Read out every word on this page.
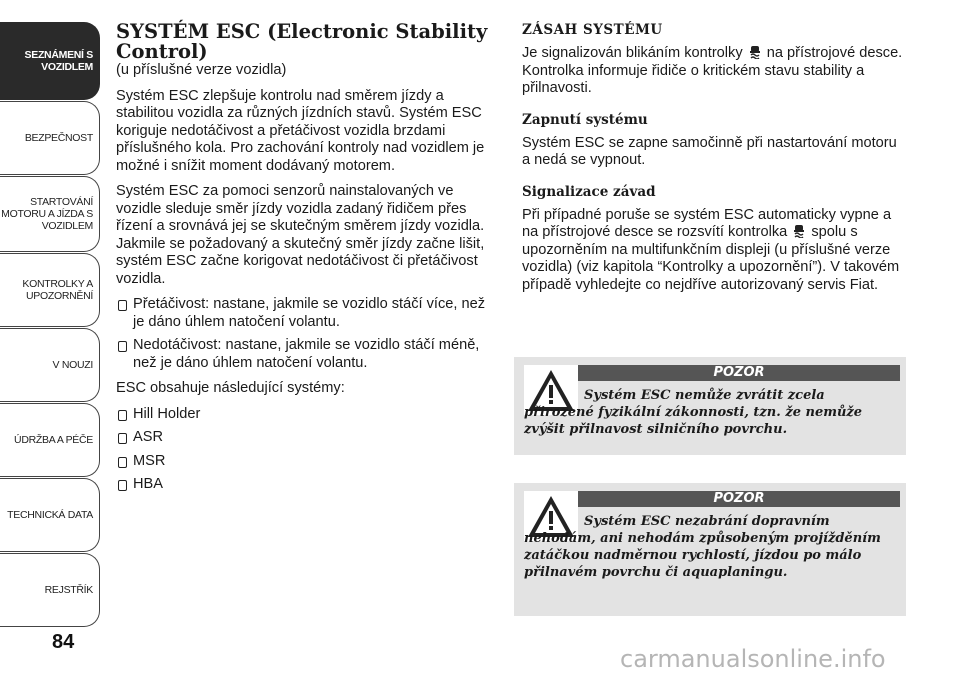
SEZNÁMENÍ S
VOZIDLEM
BEZPEČNOST
STARTOVÁNÍ
MOTORU A JÍZDA S
VOZIDLEM
KONTROLKY A
UPOZORNĚNÍ
V NOUZI
ÚDRŽBA A PÉČE
TECHNICKÁ DATA
REJSTŘÍK
84
SYSTÉM ESC (Electronic Stability
Control)

(u příslušné verze vozidla)

Systém ESC zlepšuje kontrolu nad směrem jízdy a stabilitou vozidla za různých jízdních stavů. Systém ESC koriguje nedotáčivost a přetáčivost vozidla brzdami příslušného kola. Pro zachování kontroly nad vozidlem je možné i snížit moment dodávaný motorem.

Systém ESC za pomoci senzorů nainstalovaných ve vozidle sleduje směr jízdy vozidla zadaný řidičem přes řízení a srovnává jej se skutečným směrem jízdy vozidla. Jakmile se požadovaný a skutečný směr jízdy začne lišit, systém ESC začne korigovat nedotáčivost či přetáčivost vozidla.

Přetáčivost: nastane, jakmile se vozidlo stáčí více, než je dáno úhlem natočení volantu.
Nedotáčivost: nastane, jakmile se vozidlo stáčí méně, než je dáno úhlem natočení volantu.

ESC obsahuje následující systémy:

Hill Holder
ASR
MSR
HBA
ZÁSAH SYSTÉMU

Je signalizován blikáním kontrolky na přístrojové desce. Kontrolka informuje řidiče o kritickém stavu stability a přilnavosti.

Zapnutí systému

Systém ESC se zapne samočinně při nastartování motoru a nedá se vypnout.

Signalizace závad

Při případné poruše se systém ESC automaticky vypne a na přístrojové desce se rozsvítí kontrolka spolu s upozorněním na multifunkčním displeji (u příslušné verze vozidla) (viz kapitola “Kontrolky a upozornění”). V takovém případě vyhledejte co nejdříve autorizovaný servis Fiat.

POZOR
Systém ESC nemůže zvrátit zcela přirozené fyzikální zákonnosti, tzn. že nemůže zvýšit přilnavost silničního povrchu.
POZOR
Systém ESC nezabrání dopravním nehodám, ani nehodám způsobeným projížděním zatáčkou nadměrnou rychlostí, jízdou po málo přilnavém povrchu či aquaplaningu.
carmanualsonline.info
